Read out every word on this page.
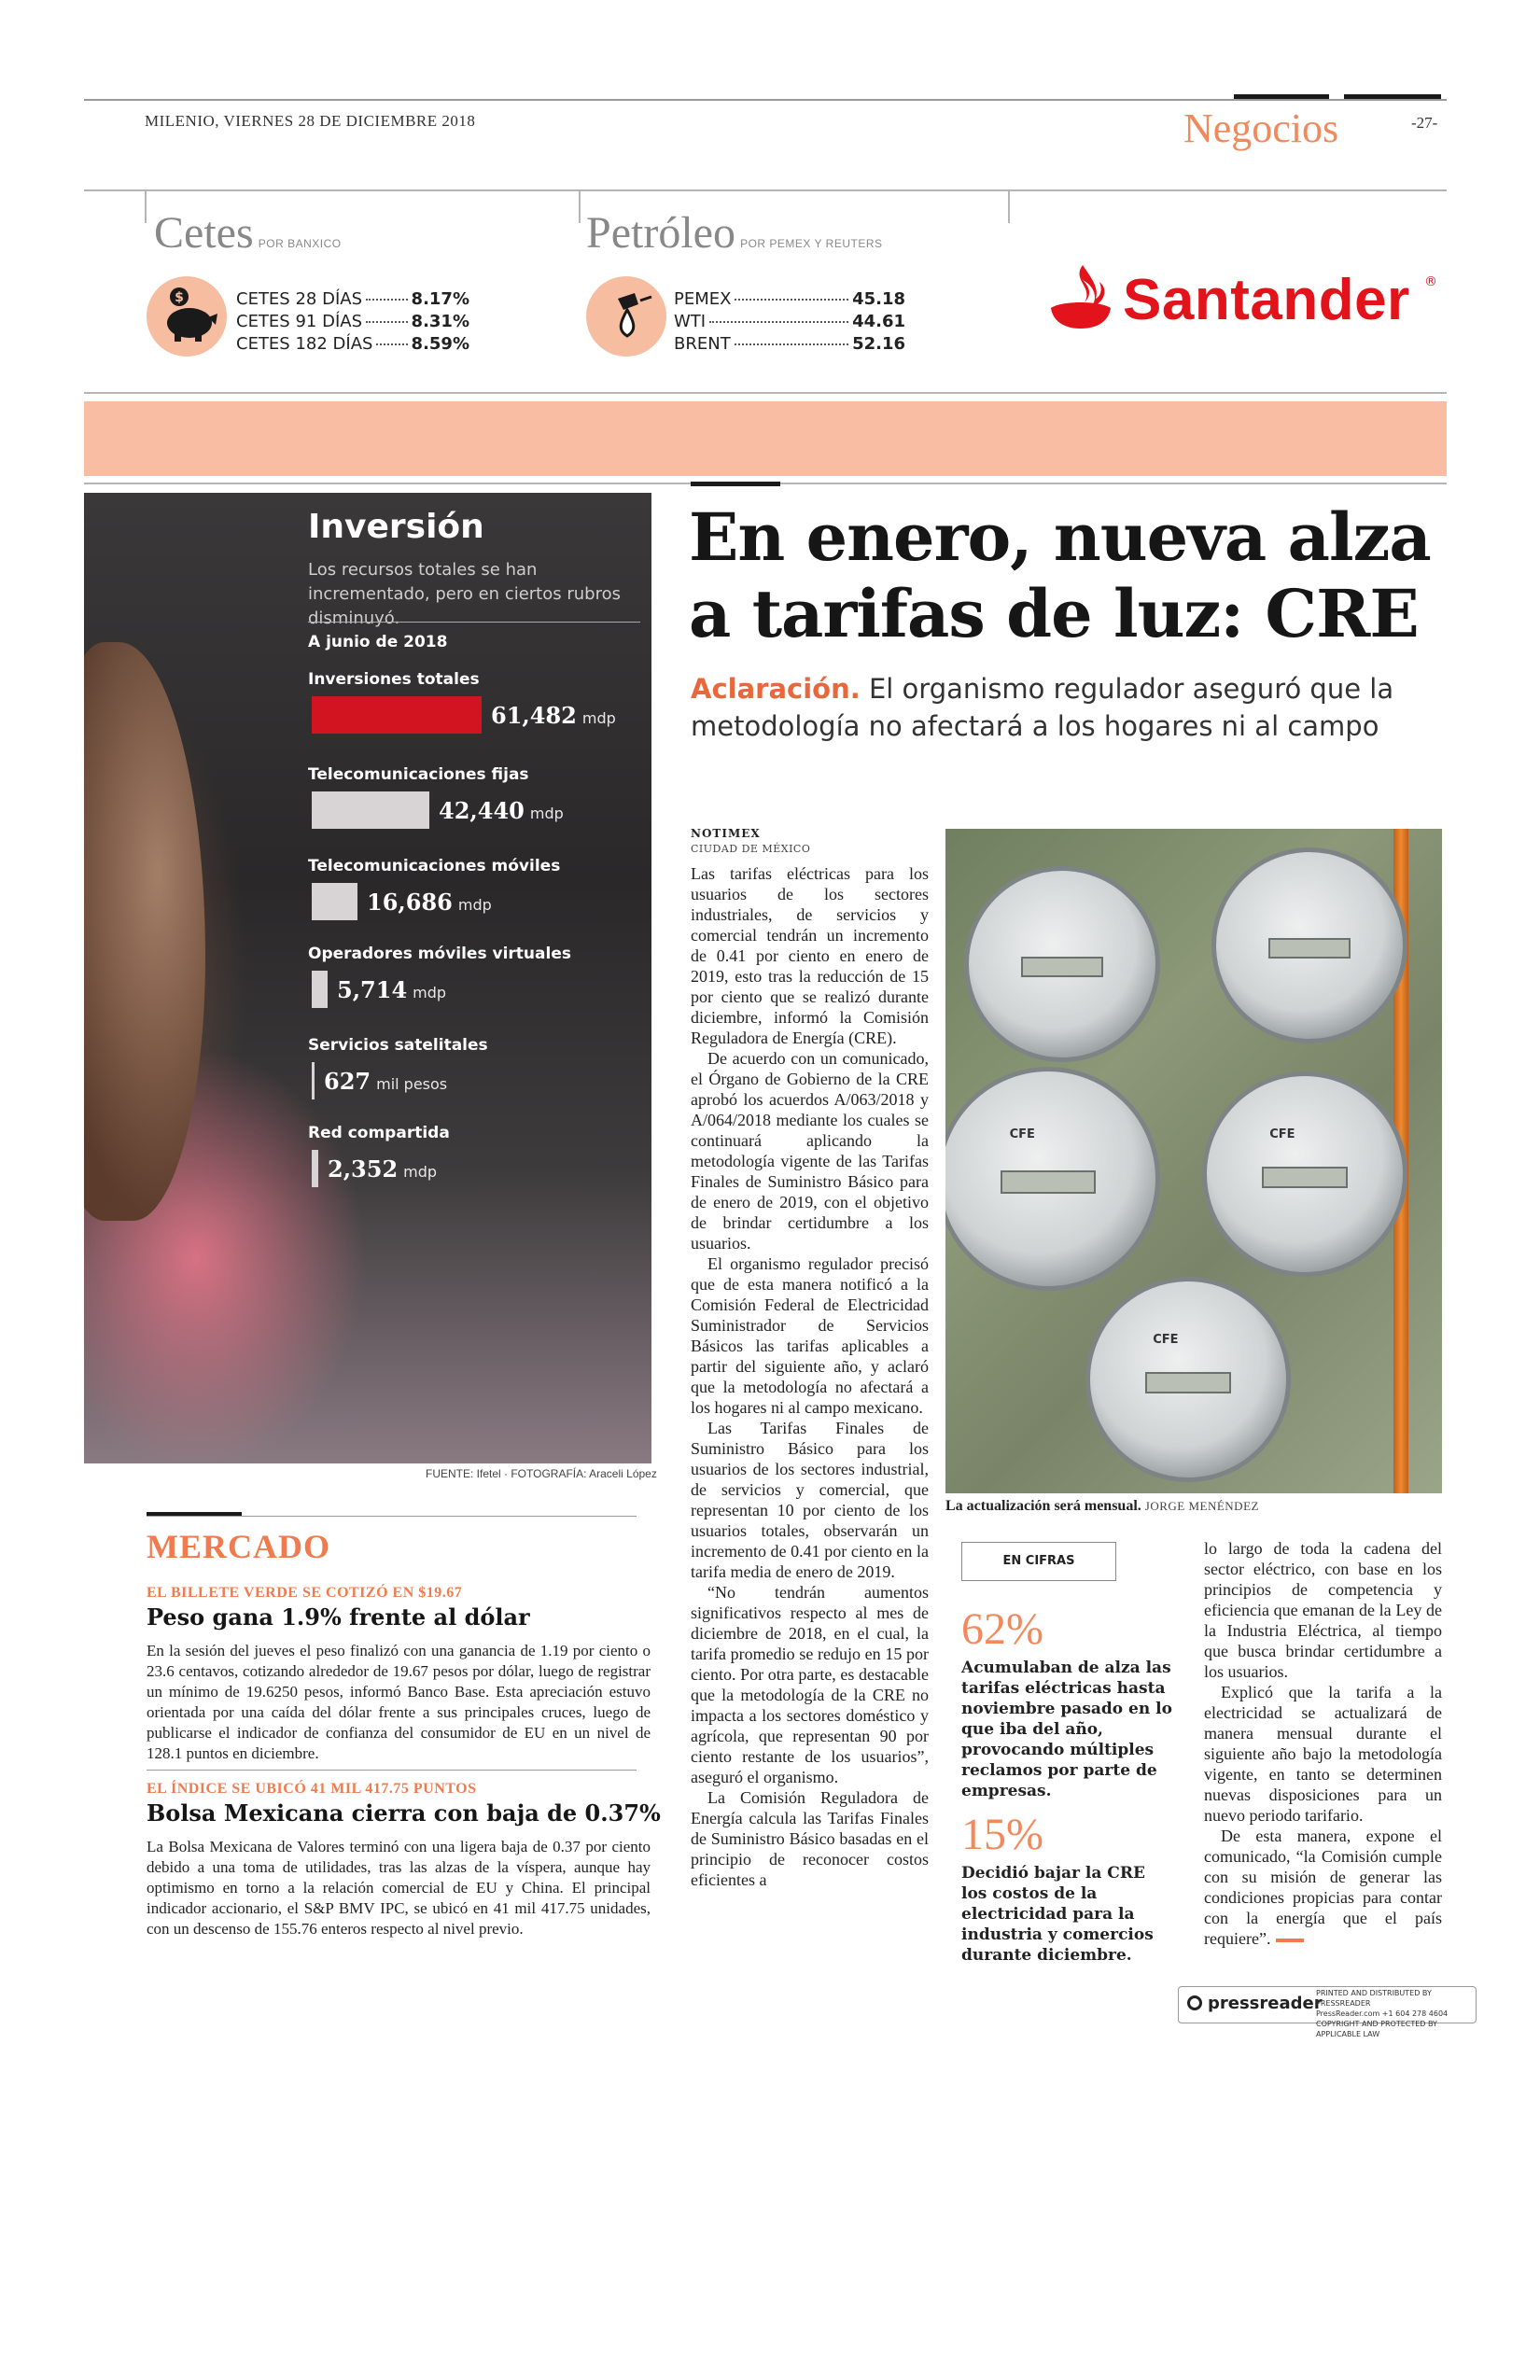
MILENIO, VIERNES 28 DE DICIEMBRE 2018	Negocios	-27-
Cetes POR BANXICO
$	CETES 28 DÍAS	8.17%
CETES 91 DÍAS	8.31%
CETES 182 DÍAS 8.59%
Petróleo POR PEMEX Y REUTERS
PEMEX	45.18
WTI	44.61
BRENT	52.16
Santander ®
Inversión
Los recursos totales se han incrementado, pero en ciertos rubros disminuyó.
A junio de 2018
Inversiones totales
61,482 mdp
Telecomunicaciones fijas
42,440 mdp
Telecomunicaciones móviles
16,686 mdp
Operadores móviles virtuales
5,714 mdp
Servicios satelitales
627 mil pesos
Red compartida
2,352 mdp
FUENTE: Ifetel · FOTOGRAFÍA: Araceli López
En enero, nueva alza a tarifas de luz: CRE
Aclaración. El organismo regulador aseguró que la metodología no afectará a los hogares ni al campo
NOTIMEX
CIUDAD DE MÉXICO

Las tarifas eléctricas para los usuarios de los sectores industriales, de servicios y comercial tendrán un incremento de 0.41 por ciento en enero de 2019, esto tras la reducción de 15 por ciento que se realizó durante diciembre, informó la Comisión Reguladora de Energía (CRE).

De acuerdo con un comunicado, el Órgano de Gobierno de la CRE aprobó los acuerdos A/063/2018 y A/064/2018 mediante los cuales se continuará aplicando la metodología vigente de las Tarifas Finales de Suministro Básico para de enero de 2019, con el objetivo de brindar certidumbre a los usuarios.

El organismo regulador precisó que de esta manera notificó a la Comisión Federal de Electricidad Suministrador de Servicios Básicos las tarifas aplicables a partir del siguiente año, y aclaró que la metodología no afectará a los hogares ni al campo mexicano.

Las Tarifas Finales de Suministro Básico para los usuarios de los sectores industrial, de servicios y comercial, que representan 10 por ciento de los usuarios totales, observarán un incremento de 0.41 por ciento en la tarifa media de enero de 2019.

“No tendrán aumentos significativos respecto al mes de diciembre de 2018, en el cual, la tarifa promedio se redujo en 15 por ciento. Por otra parte, es destacable que la metodología de la CRE no impacta a los sectores doméstico y agrícola, que representan 90 por ciento restante de los usuarios”, aseguró el organismo.

La Comisión Reguladora de Energía calcula las Tarifas Finales de Suministro Básico basadas en el principio de reconocer costos eficientes a

CFE	CFE
CFE
La actualización será mensual. JORGE MENÉNDEZ
EN CIFRAS
62%
Acumulaban de alza las tarifas eléctricas hasta noviembre pasado en lo que iba del año, provocando múltiples reclamos por parte de empresas.
15%
Decidió bajar la CRE los costos de la electricidad para la industria y comercios durante diciembre.

lo largo de toda la cadena del sector eléctrico, con base en los principios de competencia y eficiencia que emanan de la Ley de la Industria Eléctrica, al tiempo que busca brindar certidumbre a los usuarios.

Explicó que la tarifa a la electricidad se actualizará de manera mensual durante el siguiente año bajo la metodología vigente, en tanto se determinen nuevas disposiciones para un nuevo periodo tarifario.

De esta manera, expone el comunicado, “la Comisión cumple con su misión de generar las condiciones propicias para contar con la energía que el país requiere”.

MERCADO
EL BILLETE VERDE SE COTIZÓ EN $19.67
Peso gana 1.9% frente al dólar
En la sesión del jueves el peso finalizó con una ganancia de 1.19 por ciento o 23.6 centavos, cotizando alrededor de 19.67 pesos por dólar, luego de registrar un mínimo de 19.6250 pesos, informó Banco Base. Esta apreciación estuvo orientada por una caída del dólar frente a sus principales cruces, luego de publicarse el indicador de confianza del consumidor de EU en un nivel de 128.1 puntos en diciembre.
EL ÍNDICE SE UBICÓ 41 MIL 417.75 PUNTOS
Bolsa Mexicana cierra con baja de 0.37%
La Bolsa Mexicana de Valores terminó con una ligera baja de 0.37 por ciento debido a una toma de utilidades, tras las alzas de la víspera, aunque hay optimismo en torno a la relación comercial de EU y China. El principal indicador accionario, el S&P BMV IPC, se ubicó en 41 mil 417.75 unidades, con un descenso de 155.76 enteros respecto al nivel previo.
pressreader
PRINTED AND DISTRIBUTED BY PRESSREADER
PressReader.com +1 604 278 4604
COPYRIGHT AND PROTECTED BY APPLICABLE LAW
